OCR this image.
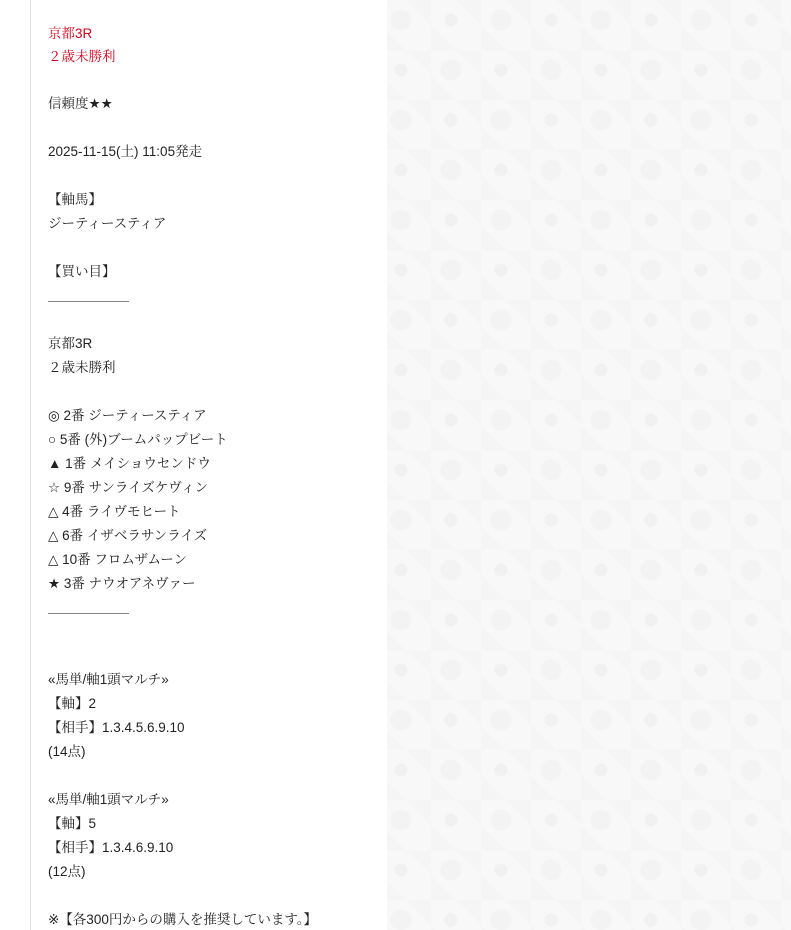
京都3R
２歳未勝利
信頼度★★
2025-11-15(土) 11:05発走
【軸馬】
ジーティースティア
【買い目】
＿＿＿＿＿＿
京都3R
２歳未勝利
◎ 2番 ジーティースティア
○ 5番 (外)ブームパップビート
▲ 1番 メイショウセンドウ
☆ 9番 サンライズケヴィン
△ 4番 ライヴモヒート
△ 6番 イザベラサンライズ
△ 10番 フロムザムーン
★ 3番 ナウオアネヴァー
＿＿＿＿＿＿
«馬単/軸1頭マルチ»
【軸】2
【相手】1.3.4.5.6.9.10
(14点)
«馬単/軸1頭マルチ»
【軸】5
【相手】1.3.4.6.9.10
(12点)
※【各300円からの購入を推奨しています。】
